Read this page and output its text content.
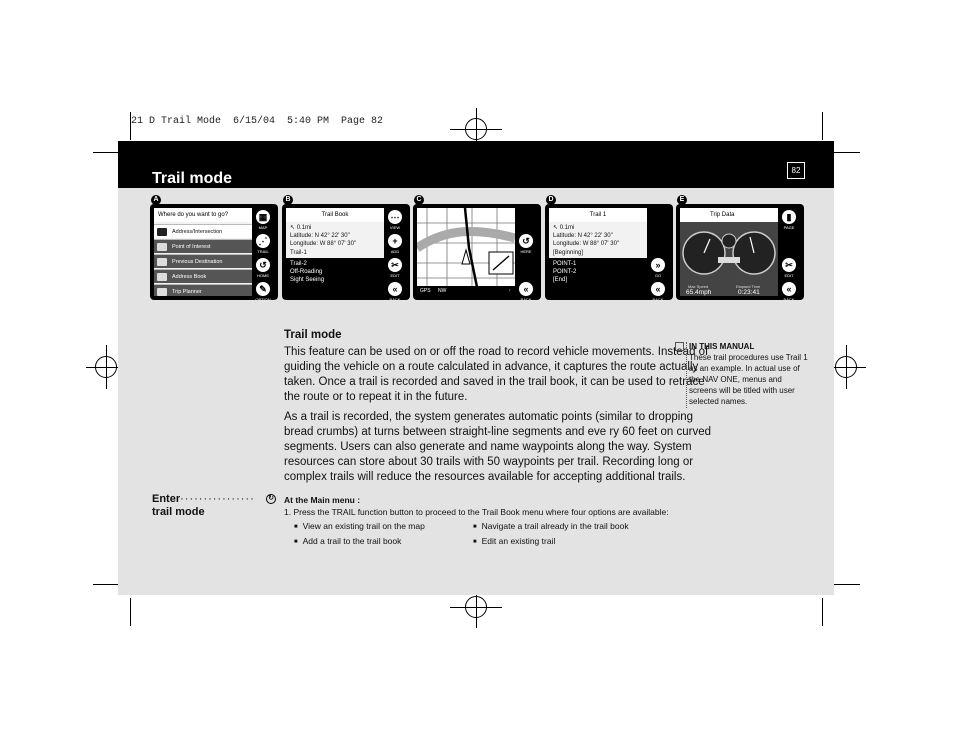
21 D Trail Mode  6/15/04  5:40 PM  Page 82
Trail mode	82
A
Where do you want to go?
Address/Intersection
Point of Interest
Previous Destination
Address Book
Trip Planner
▦
MAP
⋰
TRAIL
↺
HOME
✎
OPTION
B
Trail Book
↖ 0.1mi
Latitude: N 42° 22' 30"
Longitude: W 88° 07' 30"
Trail-1
Trail-2
Off-Roading
Sight Seeing
⋯
VIEW
+
ADD
✂
EDIT
«
BACK
C
GPS NW	↑
↺
HERE
«
BACK
D
Trail 1
↖ 0.1mi
Latitude: N 42° 22' 30"
Longitude: W 88° 07' 30"
[Beginning]
POINT-1
POINT-2
[End]
»
GO
«
BACK
E
Trip Data
Max Speed	Elapsed Time
65.4mph	0:23:41
▮
PAGE
✂
EDIT
«
BACK
Trail mode
This feature can be used on or off the road to record vehicle movements. Instead of guiding the vehicle on a route calculated in advance, it captures the route actually taken. Once a trail is recorded and saved in the trail book, it can be used to retrace the route or to repeat it in the future.
As a trail is recorded, the system generates automatic points (similar to dropping bread crumbs) at turns between straight-line segments and eve ry 60 feet on curved segments. Users can also generate and name waypoints along the way. System resources can store about 30 trails with 50 waypoints per trail. Recording long or complex trails will reduce the resources available for accepting additional trails.
IN THIS MANUAL
These trail procedures use Trail 1 as an example. In actual use of the NAV ONE, menus and screens will be titled with user selected names.
Enter················
trail mode
↻ At the Main menu :
1. Press the TRAIL function button to proceed to the Trail Book menu where four options are available:
■ View an existing trail on the map	■ Navigate a trail already in the trail book
■ Add a trail to the trail book	■ Edit an existing trail
